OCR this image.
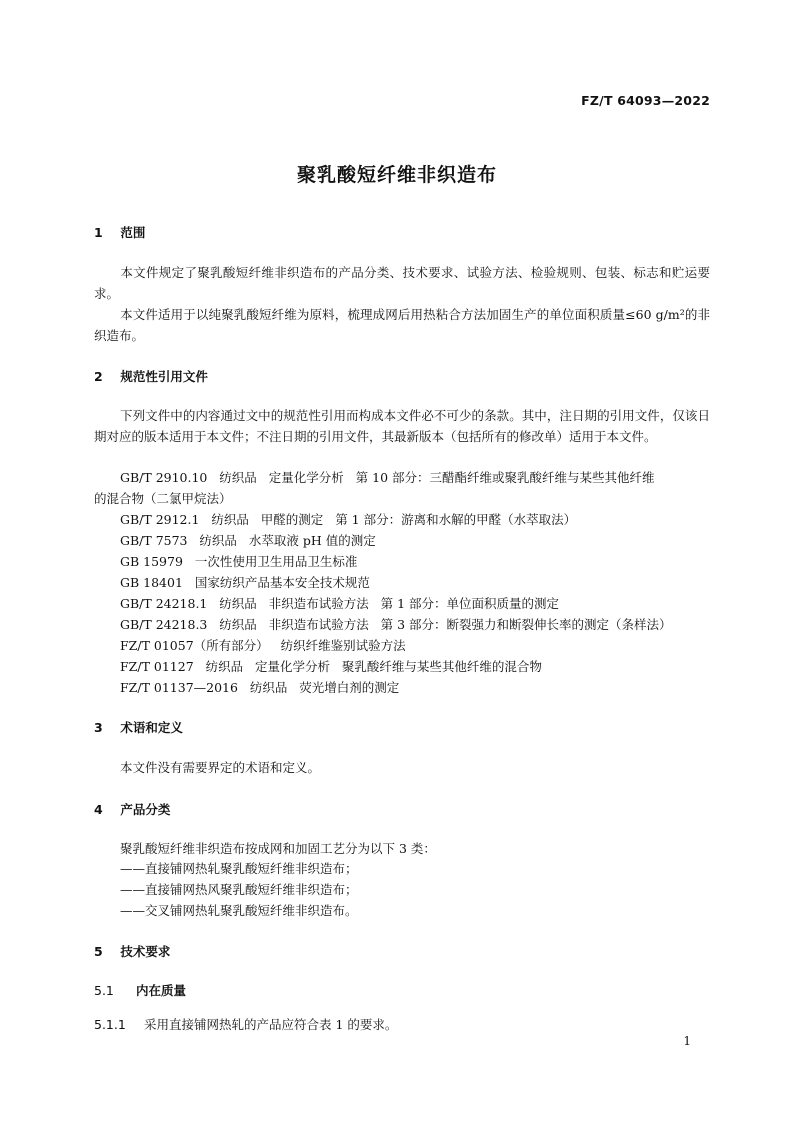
FZ/T 64093—2022
聚乳酸短纤维非织造布
1 范围
本文件规定了聚乳酸短纤维非织造布的产品分类、技术要求、试验方法、检验规则、包装、标志和贮运要求。
本文件适用于以纯聚乳酸短纤维为原料，梳理成网后用热粘合方法加固生产的单位面积质量≤60 g/m²的非织造布。
2 规范性引用文件
下列文件中的内容通过文中的规范性引用而构成本文件必不可少的条款。其中，注日期的引用文件，仅该日期对应的版本适用于本文件；不注日期的引用文件，其最新版本（包括所有的修改单）适用于本文件。
GB/T 2910.10   纺织品   定量化学分析   第 10 部分：三醋酯纤维或聚乳酸纤维与某些其他纤维
的混合物（二氯甲烷法）
GB/T 2912.1   纺织品   甲醛的测定   第 1 部分：游离和水解的甲醛（水萃取法）
GB/T 7573   纺织品   水萃取液 pH 值的测定
GB 15979   一次性使用卫生用品卫生标准
GB 18401   国家纺织产品基本安全技术规范
GB/T 24218.1   纺织品   非织造布试验方法   第 1 部分：单位面积质量的测定
GB/T 24218.3   纺织品   非织造布试验方法   第 3 部分：断裂强力和断裂伸长率的测定（条样法）
FZ/T 01057（所有部分）   纺织纤维鉴别试验方法
FZ/T 01127   纺织品   定量化学分析   聚乳酸纤维与某些其他纤维的混合物
FZ/T 01137—2016   纺织品   荧光增白剂的测定
3 术语和定义
本文件没有需要界定的术语和定义。
4 产品分类
聚乳酸短纤维非织造布按成网和加固工艺分为以下 3 类：
——直接铺网热轧聚乳酸短纤维非织造布；
——直接铺网热风聚乳酸短纤维非织造布；
——交叉铺网热轧聚乳酸短纤维非织造布。
5 技术要求
5.1 内在质量
5.1.1 采用直接铺网热轧的产品应符合表 1 的要求。
1
